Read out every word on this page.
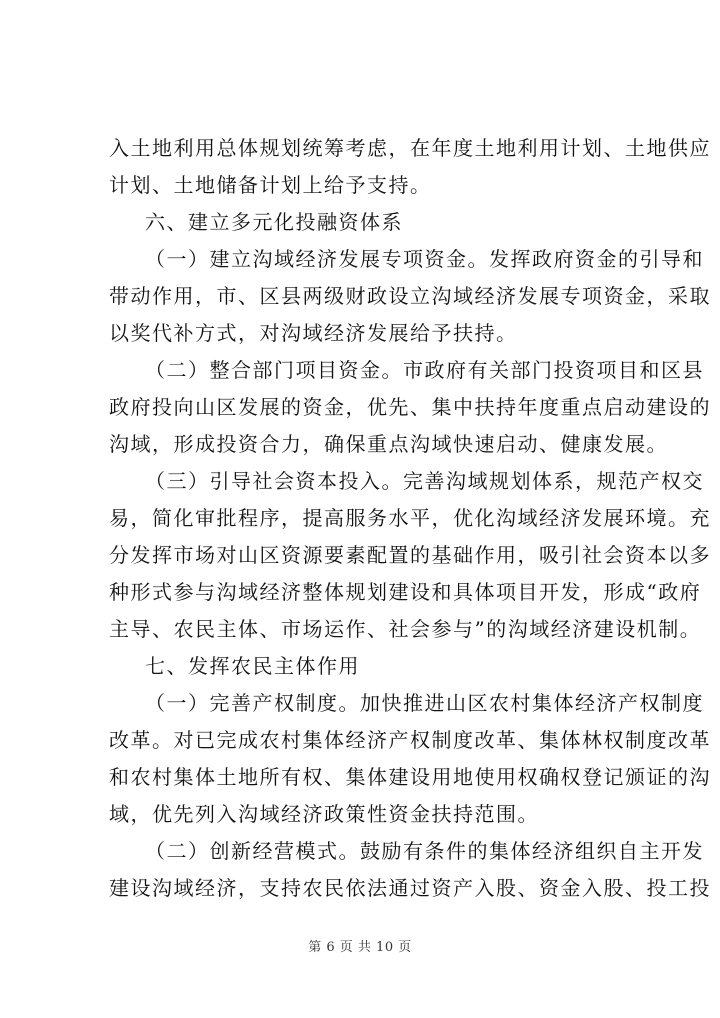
入土地利用总体规划统筹考虑，在年度土地利用计划、土地供应
计划、土地储备计划上给予支持。
六、建立多元化投融资体系
（一）建立沟域经济发展专项资金。发挥政府资金的引导和
带动作用，市、区县两级财政设立沟域经济发展专项资金，采取
以奖代补方式，对沟域经济发展给予扶持。
（二）整合部门项目资金。市政府有关部门投资项目和区县
政府投向山区发展的资金，优先、集中扶持年度重点启动建设的
沟域，形成投资合力，确保重点沟域快速启动、健康发展。
（三）引导社会资本投入。完善沟域规划体系，规范产权交
易，简化审批程序，提高服务水平，优化沟域经济发展环境。充
分发挥市场对山区资源要素配置的基础作用，吸引社会资本以多
种形式参与沟域经济整体规划建设和具体项目开发，形成“政府
主导、农民主体、市场运作、社会参与”的沟域经济建设机制。
七、发挥农民主体作用
（一）完善产权制度。加快推进山区农村集体经济产权制度
改革。对已完成农村集体经济产权制度改革、集体林权制度改革
和农村集体土地所有权、集体建设用地使用权确权登记颁证的沟
域，优先列入沟域经济政策性资金扶持范围。
（二）创新经营模式。鼓励有条件的集体经济组织自主开发
建设沟域经济，支持农民依法通过资产入股、资金入股、投工投
第 6 页 共 10 页
